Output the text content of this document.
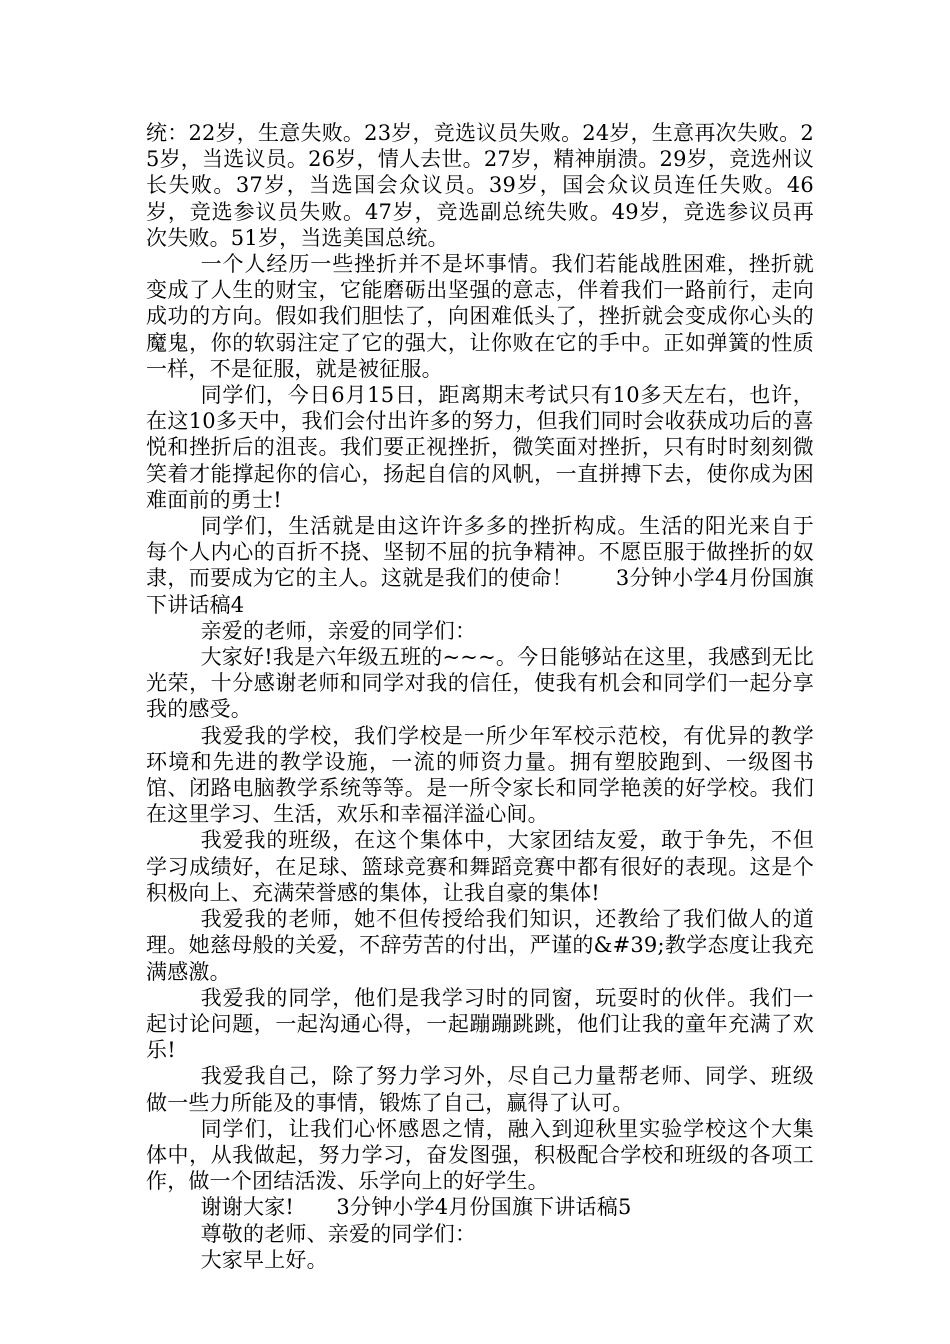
统：22岁，生意失败。23岁，竞选议员失败。24岁，生意再次失败。25岁，当选议员。26岁，情人去世。27岁，精神崩溃。29岁，竞选州议长失败。37岁，当选国会众议员。39岁，国会众议员连任失败。46岁，竞选参议员失败。47岁，竞选副总统失败。49岁，竞选参议员再次失败。51岁，当选美国总统。

一个人经历一些挫折并不是坏事情。我们若能战胜困难，挫折就变成了人生的财宝，它能磨砺出坚强的意志，伴着我们一路前行，走向成功的方向。假如我们胆怯了，向困难低头了，挫折就会变成你心头的魔鬼，你的软弱注定了它的强大，让你败在它的手中。正如弹簧的性质一样，不是征服，就是被征服。

同学们，今日6月15日，距离期末考试只有10多天左右，也许，在这10多天中，我们会付出许多的努力，但我们同时会收获成功后的喜悦和挫折后的沮丧。我们要正视挫折，微笑面对挫折，只有时时刻刻微笑着才能撑起你的信心，扬起自信的风帆，一直拼搏下去，使你成为困难面前的勇士!

同学们，生活就是由这许许多多的挫折构成。生活的阳光来自于每个人内心的百折不挠、坚韧不屈的抗争精神。不愿臣服于做挫折的奴隶，而要成为它的主人。这就是我们的使命！　　3分钟小学4月份国旗下讲话稿4

亲爱的老师，亲爱的同学们：

大家好!我是六年级五班的~~~。今日能够站在这里，我感到无比光荣，十分感谢老师和同学对我的信任，使我有机会和同学们一起分享我的感受。

我爱我的学校，我们学校是一所少年军校示范校，有优异的教学环境和先进的教学设施，一流的师资力量。拥有塑胶跑到、一级图书馆、闭路电脑教学系统等等。是一所令家长和同学艳羡的好学校。我们在这里学习、生活，欢乐和幸福洋溢心间。

我爱我的班级，在这个集体中，大家团结友爱，敢于争先，不但学习成绩好，在足球、篮球竞赛和舞蹈竞赛中都有很好的表现。这是个积极向上、充满荣誉感的集体，让我自豪的集体!

我爱我的老师，她不但传授给我们知识，还教给了我们做人的道理。她慈母般的关爱，不辞劳苦的付出，严谨的&#39;教学态度让我充满感激。

我爱我的同学，他们是我学习时的同窗，玩耍时的伙伴。我们一起讨论问题，一起沟通心得，一起蹦蹦跳跳，他们让我的童年充满了欢乐!

我爱我自己，除了努力学习外，尽自己力量帮老师、同学、班级做一些力所能及的事情，锻炼了自己，赢得了认可。

同学们，让我们心怀感恩之情，融入到迎秋里实验学校这个大集体中，从我做起，努力学习，奋发图强，积极配合学校和班级的各项工作，做一个团结活泼、乐学向上的好学生。

谢谢大家!　　3分钟小学4月份国旗下讲话稿5

尊敬的老师、亲爱的同学们：

大家早上好。
